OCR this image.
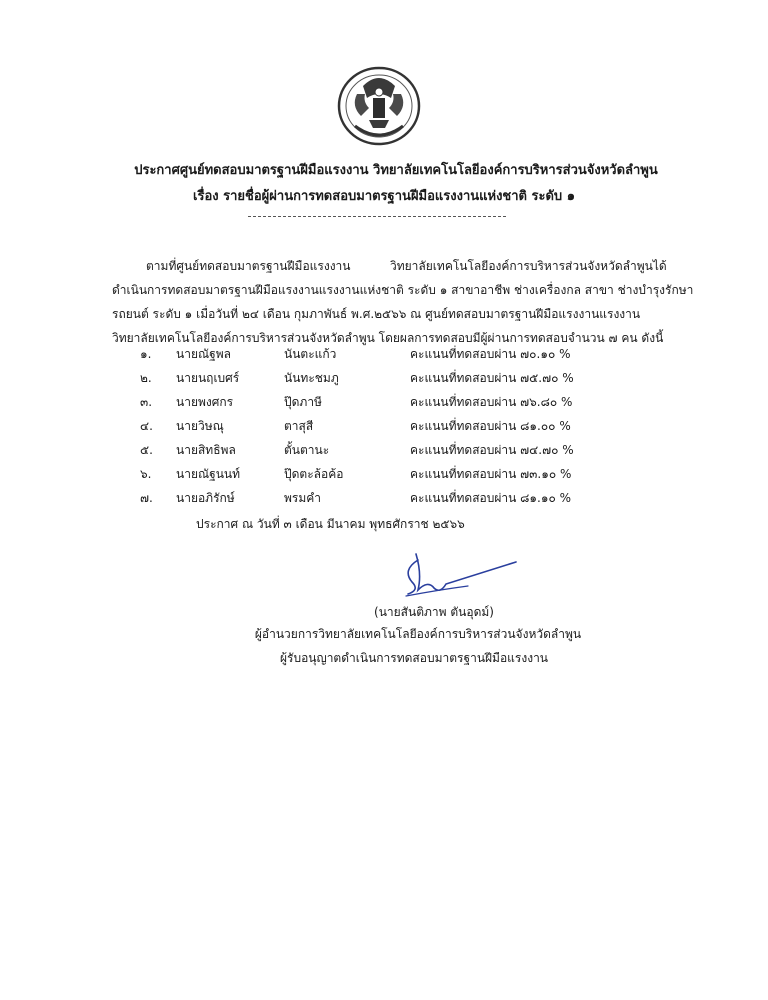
ประกาศศูนย์ทดสอบมาตรฐานฝีมือแรงงาน วิทยาลัยเทคโนโลยีองค์การบริหารส่วนจังหวัดลำพูน
เรื่อง รายชื่อผู้ผ่านการทดสอบมาตรฐานฝีมือแรงงานแห่งชาติ ระดับ ๑
ตามที่ศูนย์ทดสอบมาตรฐานฝีมือแรงงาน	วิทยาลัยเทคโนโลยีองค์การบริหารส่วนจังหวัดลำพูนได้
ดำเนินการทดสอบมาตรฐานฝีมือแรงงานแรงงานแห่งชาติ ระดับ ๑ สาขาอาชีพ ช่างเครื่องกล สาขา ช่างบำรุงรักษา
รถยนต์ ระดับ ๑ เมื่อวันที่ ๒๔ เดือน กุมภาพันธ์ พ.ศ.๒๕๖๖ ณ ศูนย์ทดสอบมาตรฐานฝีมือแรงงานแรงงาน
วิทยาลัยเทคโนโลยีองค์การบริหารส่วนจังหวัดลำพูน โดยผลการทดสอบมีผู้ผ่านการทดสอบจำนวน ๗ คน ดังนี้
๑. นายณัฐพล	นันตะแก้ว	คะแนนที่ทดสอบผ่าน ๗๐.๑๐ %
๒. นายนฤเบศร์	นันทะชมภู	คะแนนที่ทดสอบผ่าน ๗๕.๗๐ %
๓. นายพงศกร	ปุ๊ดภาษี	คะแนนที่ทดสอบผ่าน ๗๖.๘๐ %
๔. นายวิษณุ	ตาสุสี	คะแนนที่ทดสอบผ่าน ๘๑.๐๐ %
๕. นายสิทธิพล	ตั้นตานะ	คะแนนที่ทดสอบผ่าน ๗๔.๗๐ %
๖. นายณัฐนนท์	ปุ๊ดตะล้อค้อ	คะแนนที่ทดสอบผ่าน ๗๓.๑๐ %
๗. นายอภิรักษ์	พรมคำ	คะแนนที่ทดสอบผ่าน ๘๑.๑๐ %
ประกาศ ณ วันที่ ๓ เดือน มีนาคม พุทธศักราช ๒๕๖๖
(นายสันติภาพ ตันอุดม์)
ผู้อำนวยการวิทยาลัยเทคโนโลยีองค์การบริหารส่วนจังหวัดลำพูน
ผู้รับอนุญาตดำเนินการทดสอบมาตรฐานฝีมือแรงงาน
